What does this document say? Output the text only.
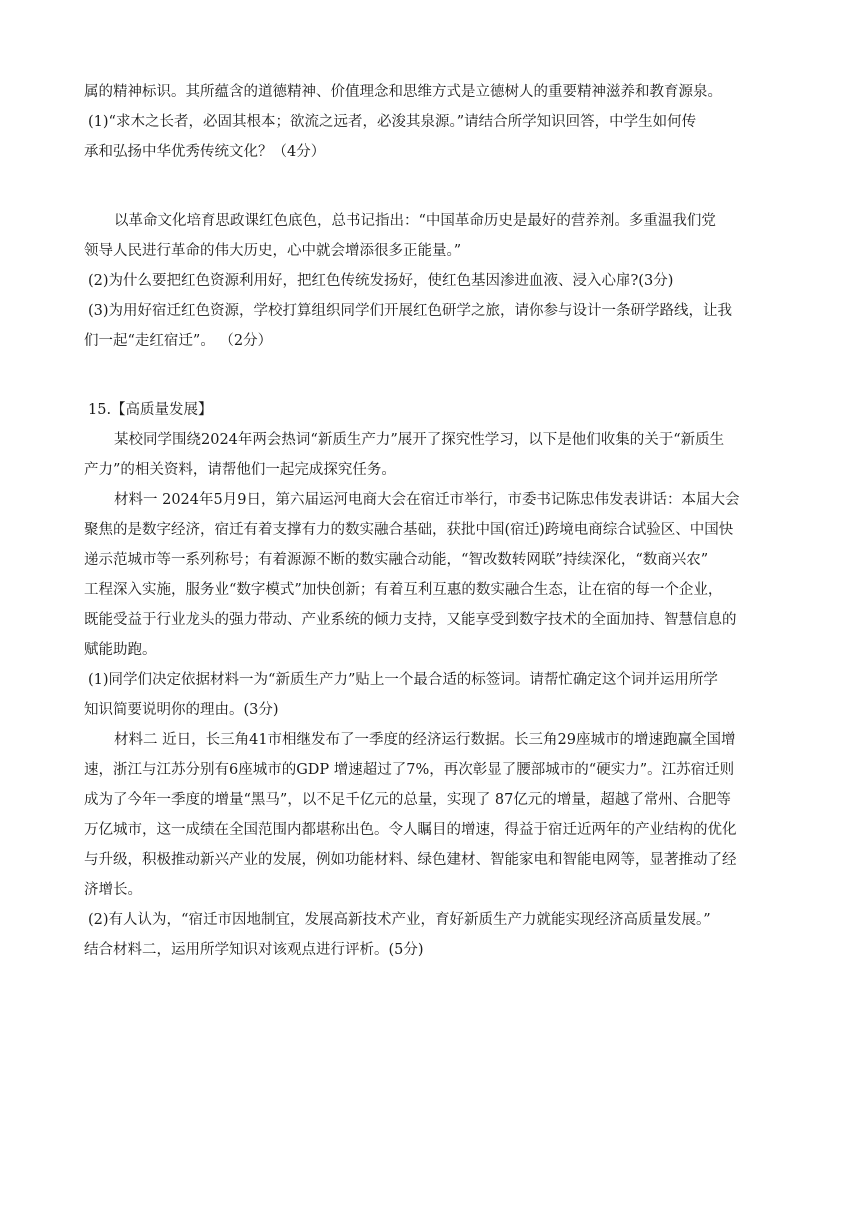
属的精神标识。其所蕴含的道德精神、价值理念和思维方式是立德树人的重要精神滋养和教育源泉。
(1)“求木之长者，必固其根本；欲流之远者，必浚其泉源。”请结合所学知识回答，中学生如何传
承和弘扬中华优秀传统文化？（4分）
以革命文化培育思政课红色底色，总书记指出：“中国革命历史是最好的营养剂。多重温我们党
领导人民进行革命的伟大历史，心中就会增添很多正能量。”
(2)为什么要把红色资源利用好，把红色传统发扬好，使红色基因渗进血液、浸入心扉?(3分)
(3)为用好宿迁红色资源，学校打算组织同学们开展红色研学之旅，请你参与设计一条研学路线，让我
们一起“走红宿迁”。 （2分）
15.【高质量发展】
某校同学围绕2024年两会热词“新质生产力”展开了探究性学习，以下是他们收集的关于“新质生
产力”的相关资料，请帮他们一起完成探究任务。
材料一 2024年5月9日，第六届运河电商大会在宿迁市举行，市委书记陈忠伟发表讲话：本届大会
聚焦的是数字经济，宿迁有着支撑有力的数实融合基础，获批中国(宿迁)跨境电商综合试验区、中国快
递示范城市等一系列称号；有着源源不断的数实融合动能，“智改数转网联”持续深化，“数商兴农”
工程深入实施，服务业“数字模式”加快创新；有着互利互惠的数实融合生态，让在宿的每一个企业，
既能受益于行业龙头的强力带动、产业系统的倾力支持，又能享受到数字技术的全面加持、智慧信息的
赋能助跑。
(1)同学们决定依据材料一为“新质生产力”贴上一个最合适的标签词。请帮忙确定这个词并运用所学
知识简要说明你的理由。(3分)
材料二 近日，长三角41市相继发布了一季度的经济运行数据。长三角29座城市的增速跑赢全国增
速，浙江与江苏分别有6座城市的GDP 增速超过了7%，再次彰显了腰部城市的“硬实力”。江苏宿迁则
成为了今年一季度的增量“黑马”，以不足千亿元的总量，实现了 87亿元的增量，超越了常州、合肥等
万亿城市，这一成绩在全国范围内都堪称出色。令人瞩目的增速，得益于宿迁近两年的产业结构的优化
与升级，积极推动新兴产业的发展，例如功能材料、绿色建材、智能家电和智能电网等，显著推动了经
济增长。
(2)有人认为，“宿迁市因地制宜，发展高新技术产业，育好新质生产力就能实现经济高质量发展。”
结合材料二，运用所学知识对该观点进行评析。(5分)
